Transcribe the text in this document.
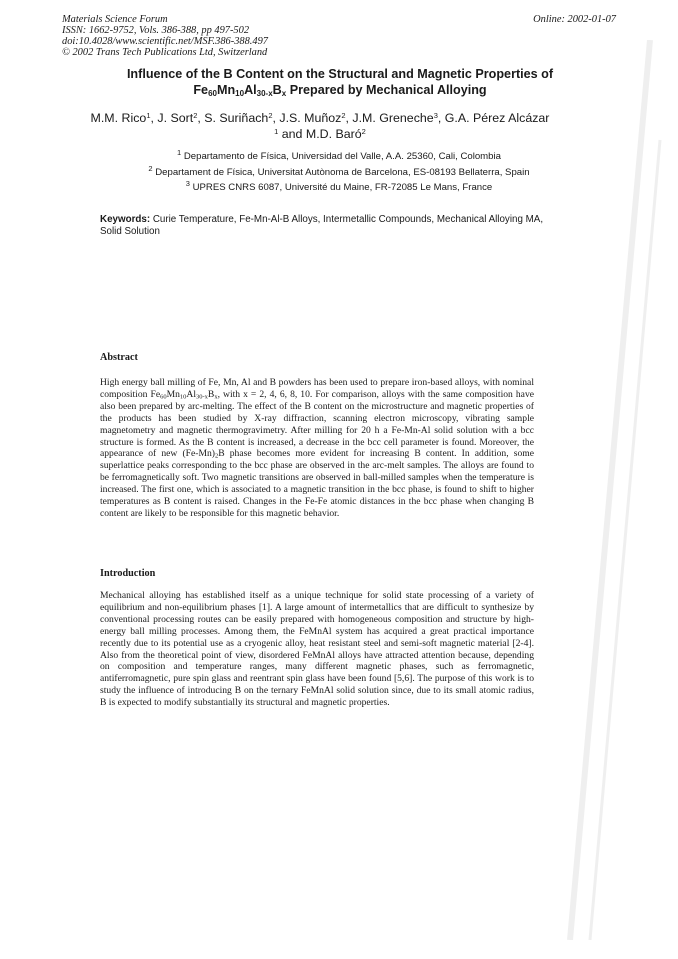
Materials Science Forum
ISSN: 1662-9752, Vols. 386-388, pp 497-502
doi:10.4028/www.scientific.net/MSF.386-388.497
© 2002 Trans Tech Publications Ltd, Switzerland
Online: 2002-01-07
Influence of the B Content on the Structural and Magnetic Properties of
$Fe_{60}Mn_{10}Al_{30-x}B_x$ Prepared by Mechanical Alloying
M.M. Rico$^1$, J. Sort$^2$, S. Suriñach$^2$, J.S. Muñoz$^2$, J.M. Greneche$^3$, G.A. Pérez Alcázar
$^1$ and M.D. Baró$^2$
$^1$ Departamento de Física, Universidad del Valle, A.A. 25360, Cali, Colombia
$^2$ Departament de Física, Universitat Autònoma de Barcelona, ES-08193 Bellaterra, Spain
$^3$ UPRES CNRS 6087, Université du Maine, FR-72085 Le Mans, France
Keywords: Curie Temperature, Fe-Mn-Al-B Alloys, Intermetallic Compounds, Mechanical Alloying MA, Solid Solution
Abstract
High energy ball milling of Fe, Mn, Al and B powders has been used to prepare iron-based alloys, with nominal composition $Fe_{60}Mn_{10}Al_{30-x}B_x$, with x = 2, 4, 6, 8, 10. For comparison, alloys with the same composition have also been prepared by arc-melting. The effect of the B content on the microstructure and magnetic properties of the products has been studied by X-ray diffraction, scanning electron microscopy, vibrating sample magnetometry and magnetic thermogravimetry. After milling for 20 h a Fe-Mn-Al solid solution with a bcc structure is formed. As the B content is increased, a decrease in the bcc cell parameter is found. Moreover, the appearance of new $(Fe-Mn)_2B$ phase becomes more evident for increasing B content. In addition, some superlattice peaks corresponding to the bcc phase are observed in the arc-melt samples. The alloys are found to be ferromagnetically soft. Two magnetic transitions are observed in ball-milled samples when the temperature is increased. The first one, which is associated to a magnetic transition in the bcc phase, is found to shift to higher temperatures as B content is raised. Changes in the Fe-Fe atomic distances in the bcc phase when changing B content are likely to be responsible for this magnetic behavior.
Introduction
Mechanical alloying has established itself as a unique technique for solid state processing of a variety of equilibrium and non-equilibrium phases [1]. A large amount of intermetallics that are difficult to synthesize by conventional processing routes can be easily prepared with homogeneous composition and structure by high-energy ball milling processes. Among them, the FeMnAl system has acquired a great practical importance recently due to its potential use as a cryogenic alloy, heat resistant steel and semi-soft magnetic material [2-4]. Also from the theoretical point of view, disordered FeMnAl alloys have attracted attention because, depending on composition and temperature ranges, many different magnetic phases, such as ferromagnetic, antiferromagnetic, pure spin glass and reentrant spin glass have been found [5,6]. The purpose of this work is to study the influence of introducing B on the ternary FeMnAl solid solution since, due to its small atomic radius, B is expected to modify substantially its structural and magnetic properties.
